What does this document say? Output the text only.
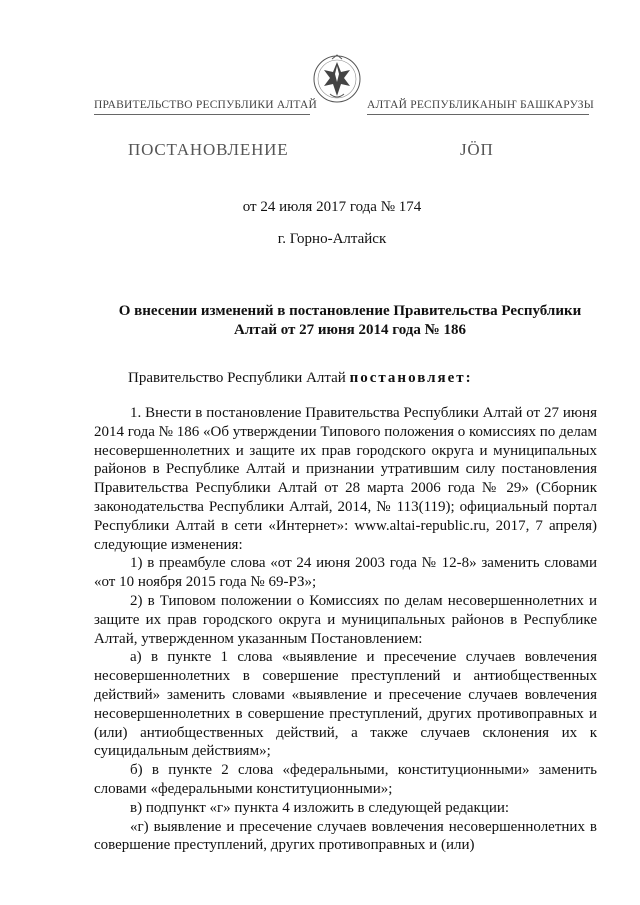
ПРАВИТЕЛЬСТВО РЕСПУБЛИКИ АЛТАЙ	АЛТАЙ РЕСПУБЛИКАНЫҤ БАШКАРУЗЫ
ПОСТАНОВЛЕНИЕ	JӦП
от 24 июля 2017 года № 174
г. Горно-Алтайск
О внесении изменений в постановление Правительства Республики
Алтай от 27 июня 2014 года № 186
Правительство Республики Алтай постановляет:

1. Внести в постановление Правительства Республики Алтай от 27 июня 2014 года № 186 «Об утверждении Типового положения о комиссиях по делам несовершеннолетних и защите их прав городского округа и муниципальных районов в Республике Алтай и признании утратившим силу постановления Правительства Республики Алтай от 28 марта 2006 года № 29» (Сборник законодательства Республики Алтай, 2014, № 113(119); официальный портал Республики Алтай в сети «Интернет»: www.altai-republic.ru, 2017, 7 апреля) следующие изменения:

1) в преамбуле слова «от 24 июня 2003 года № 12-8» заменить словами «от 10 ноября 2015 года № 69-РЗ»;

2) в Типовом положении о Комиссиях по делам несовершеннолетних и защите их прав городского округа и муниципальных районов в Республике Алтай, утвержденном указанным Постановлением:

а) в пункте 1 слова «выявление и пресечение случаев вовлечения несовершеннолетних в совершение преступлений и антиобщественных действий» заменить словами «выявление и пресечение случаев вовлечения несовершеннолетних в совершение преступлений, других противоправных и (или) антиобщественных действий, а также случаев склонения их к суицидальным действиям»;

б) в пункте 2 слова «федеральными, конституционными» заменить словами «федеральными конституционными»;

в) подпункт «г» пункта 4 изложить в следующей редакции:

«г) выявление и пресечение случаев вовлечения несовершеннолетних в совершение преступлений, других противоправных и (или)
